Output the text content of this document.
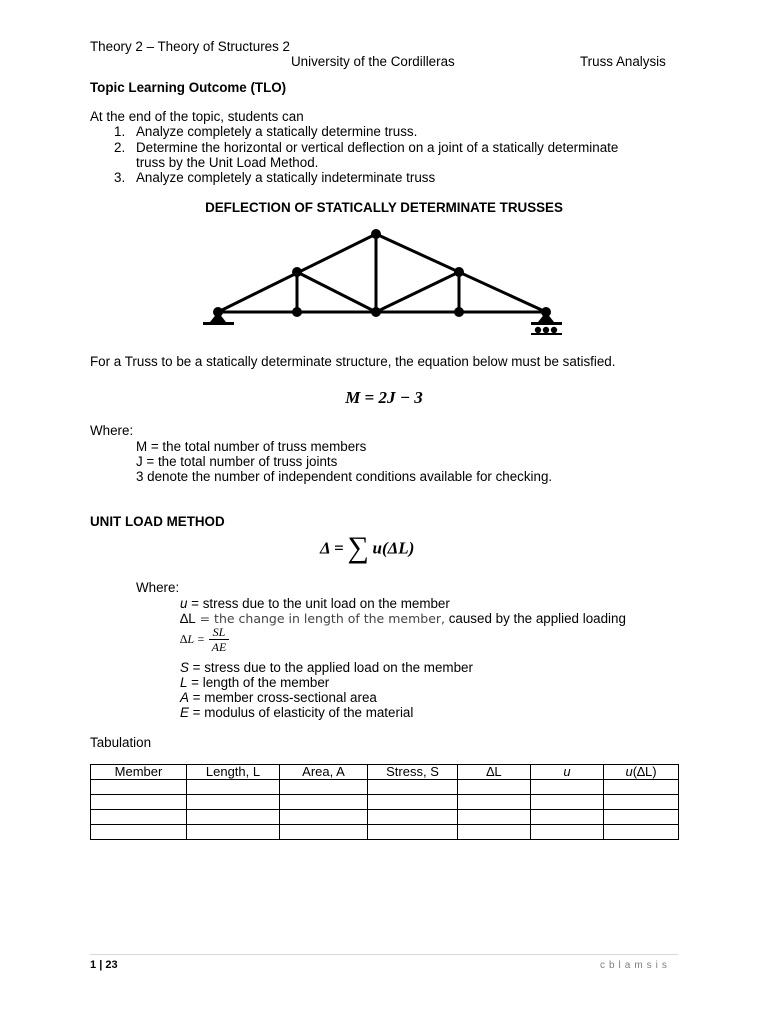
Theory 2 – Theory of Structures 2
University of the Cordilleras	Truss Analysis
Topic Learning Outcome (TLO)
At the end of the topic, students can
1. Analyze completely a statically determine truss.
2. Determine the horizontal or vertical deflection on a joint of a statically determinate
truss by the Unit Load Method.
3. Analyze completely a statically indeterminate truss
DEFLECTION OF STATICALLY DETERMINATE TRUSSES
For a Truss to be a statically determinate structure, the equation below must be satisfied.
M = 2J − 3
Where:
M = the total number of truss members
J = the total number of truss joints
3 denote the number of independent conditions available for checking.
UNIT LOAD METHOD
Δ = ∑ u(ΔL)
Where:
u = stress due to the unit load on the member
∆L = the change in length of the member, caused by the applied loading
$\Delta L = \frac{SL}{AE}$
S = stress due to the applied load on the member
L = length of the member
A = member cross-sectional area
E = modulus of elasticity of the material
Tabulation
Member	Length, L	Area, A	Stress, S	∆L	u	u(∆L)

1 | 23	cblamsis
